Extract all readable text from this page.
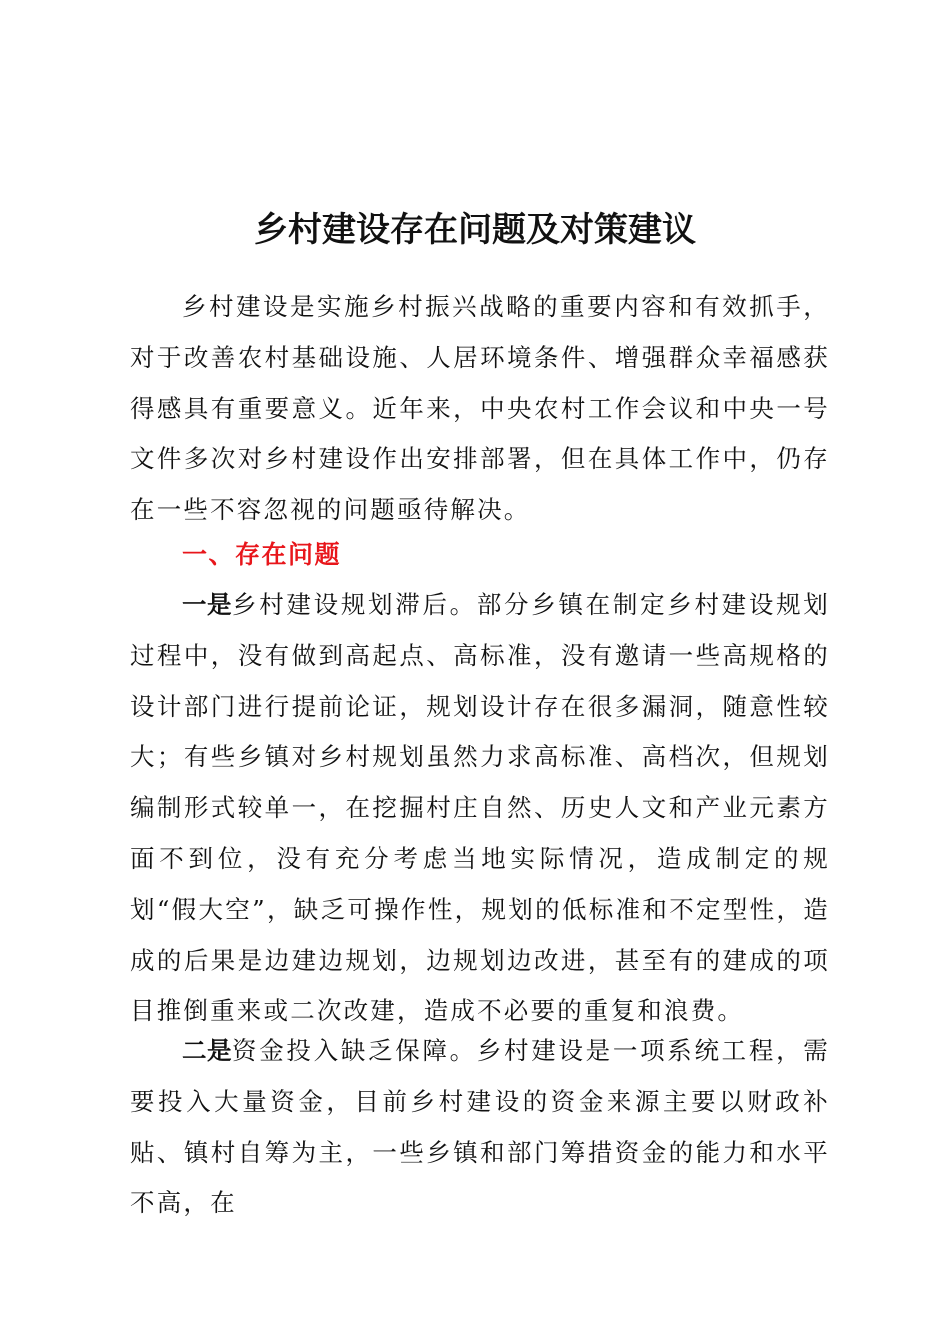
乡村建设存在问题及对策建议

乡村建设是实施乡村振兴战略的重要内容和有效抓手，对于改善农村基础设施、人居环境条件、增强群众幸福感获得感具有重要意义。近年来，中央农村工作会议和中央一号文件多次对乡村建设作出安排部署，但在具体工作中，仍存在一些不容忽视的问题亟待解决。

一、存在问题

一是乡村建设规划滞后。部分乡镇在制定乡村建设规划过程中，没有做到高起点、高标准，没有邀请一些高规格的设计部门进行提前论证，规划设计存在很多漏洞，随意性较大；有些乡镇对乡村规划虽然力求高标准、高档次，但规划编制形式较单一，在挖掘村庄自然、历史人文和产业元素方面不到位，没有充分考虑当地实际情况，造成制定的规划“假大空”，缺乏可操作性，规划的低标准和不定型性，造成的后果是边建边规划，边规划边改进，甚至有的建成的项目推倒重来或二次改建，造成不必要的重复和浪费。

二是资金投入缺乏保障。乡村建设是一项系统工程，需要投入大量资金，目前乡村建设的资金来源主要以财政补贴、镇村自筹为主，一些乡镇和部门筹措资金的能力和水平不高，在
